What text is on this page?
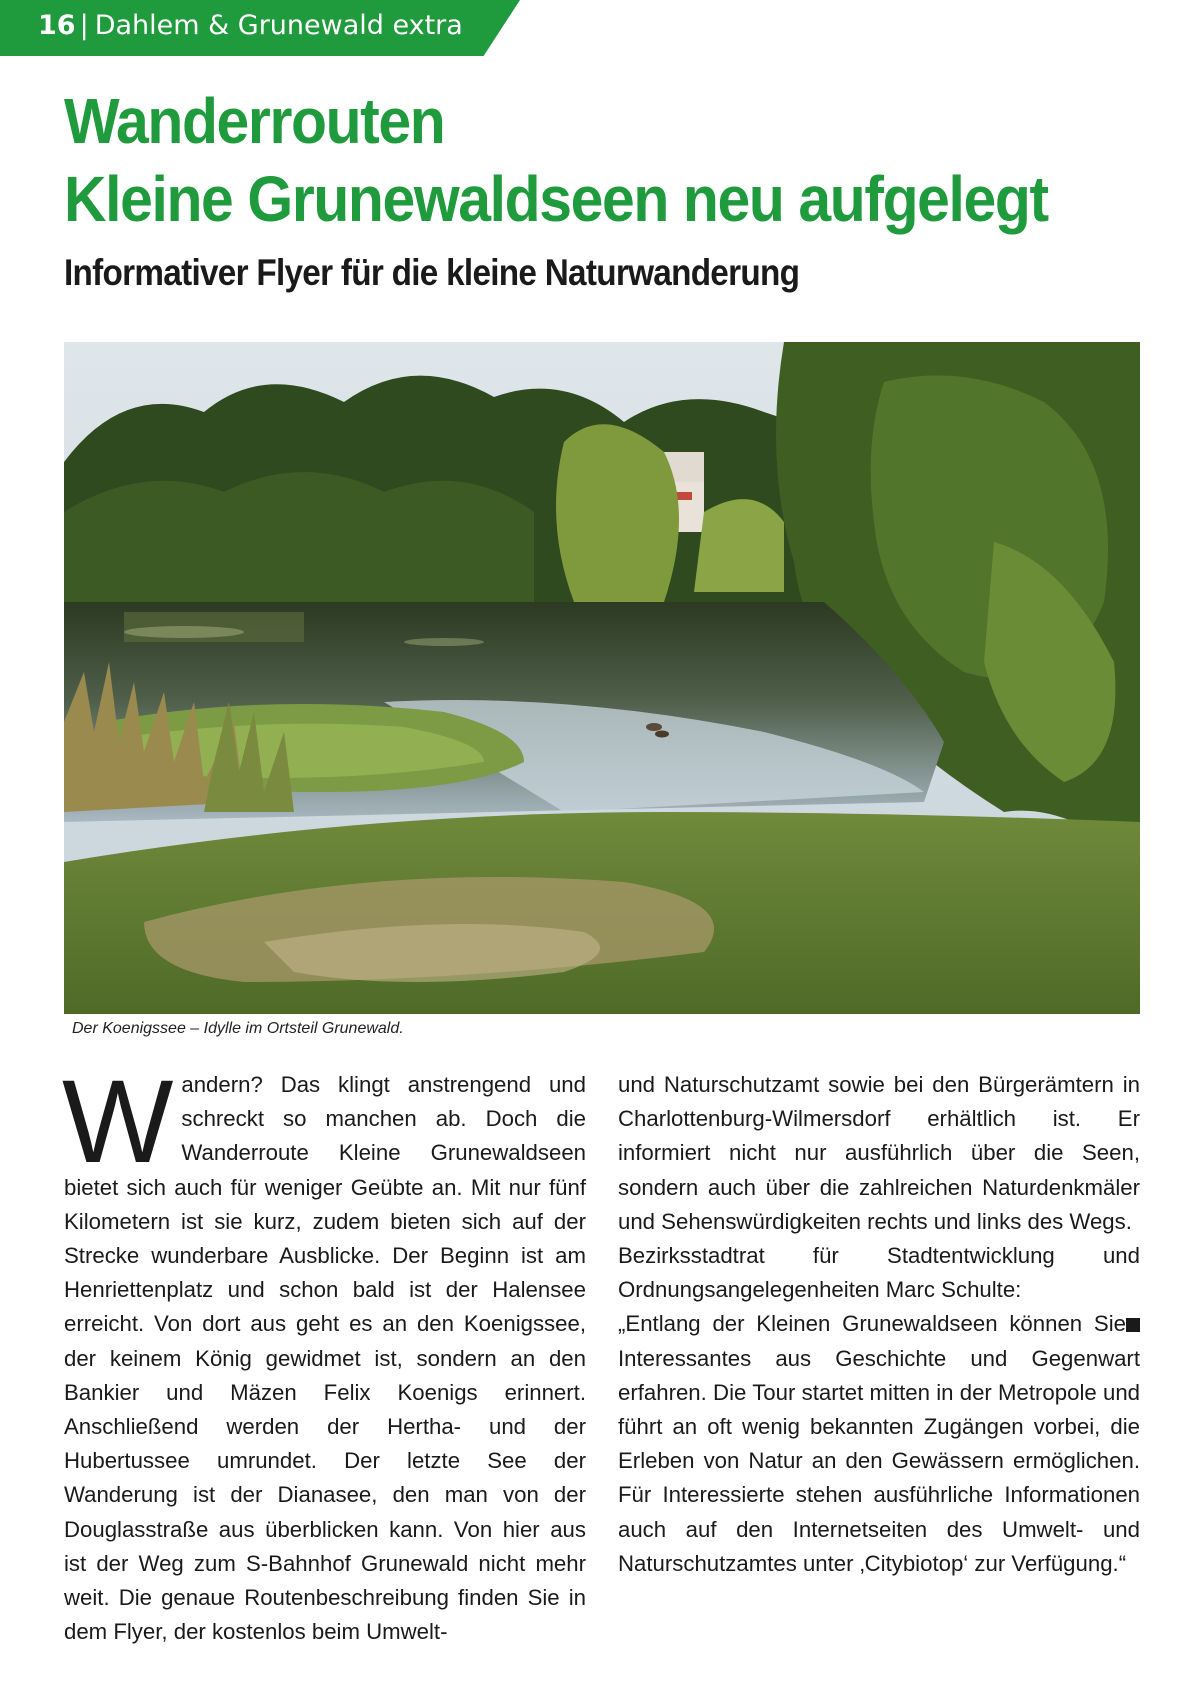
16 | Dahlem & Grunewald extra
Wanderrouten
Kleine Grunewaldseen neu aufgelegt
Informativer Flyer für die kleine Naturwanderung
Der Koenigssee – Idylle im Ortsteil Grunewald.
W andern? Das klingt anstrengend und schreckt so manchen ab. Doch die Wanderroute Kleine Grunewaldseen bietet sich auch für weniger Geübte an. Mit nur fünf Kilometern ist sie kurz, zudem bieten sich auf der Strecke wunderbare Ausblicke. Der Beginn ist am Henriettenplatz und schon bald ist der Halensee erreicht. Von dort aus geht es an den Koenigssee, der keinem König gewidmet ist, sondern an den Bankier und Mäzen Felix Koenigs erinnert. Anschließend werden der Hertha- und der Hubertussee umrundet. Der letzte See der Wanderung ist der Dianasee, den man von der Douglasstraße aus überblicken kann. Von hier aus ist der Weg zum S-Bahnhof Grunewald nicht mehr weit. Die genaue Routenbeschreibung finden Sie in dem Flyer, der kostenlos beim Umwelt-

und Naturschutzamt sowie bei den Bürgerämtern in Charlottenburg-Wilmersdorf erhältlich ist. Er informiert nicht nur ausführlich über die Seen, sondern auch über die zahlreichen Naturdenkmäler und Sehenswürdigkeiten rechts und links des Wegs.

Bezirksstadtrat für Stadtentwicklung und Ordnungsangelegenheiten Marc Schulte:

„Entlang der Kleinen Grunewaldseen können Sie Interessantes aus Geschichte und Gegenwart erfahren. Die Tour startet mitten in der Metropole und führt an oft wenig bekannten Zugängen vorbei, die Erleben von Natur an den Gewässern ermöglichen. Für Interessierte stehen ausführliche Informationen auch auf den Internetseiten des Umwelt- und Naturschutzamtes unter ‚Citybiotop‘ zur Verfügung.“
